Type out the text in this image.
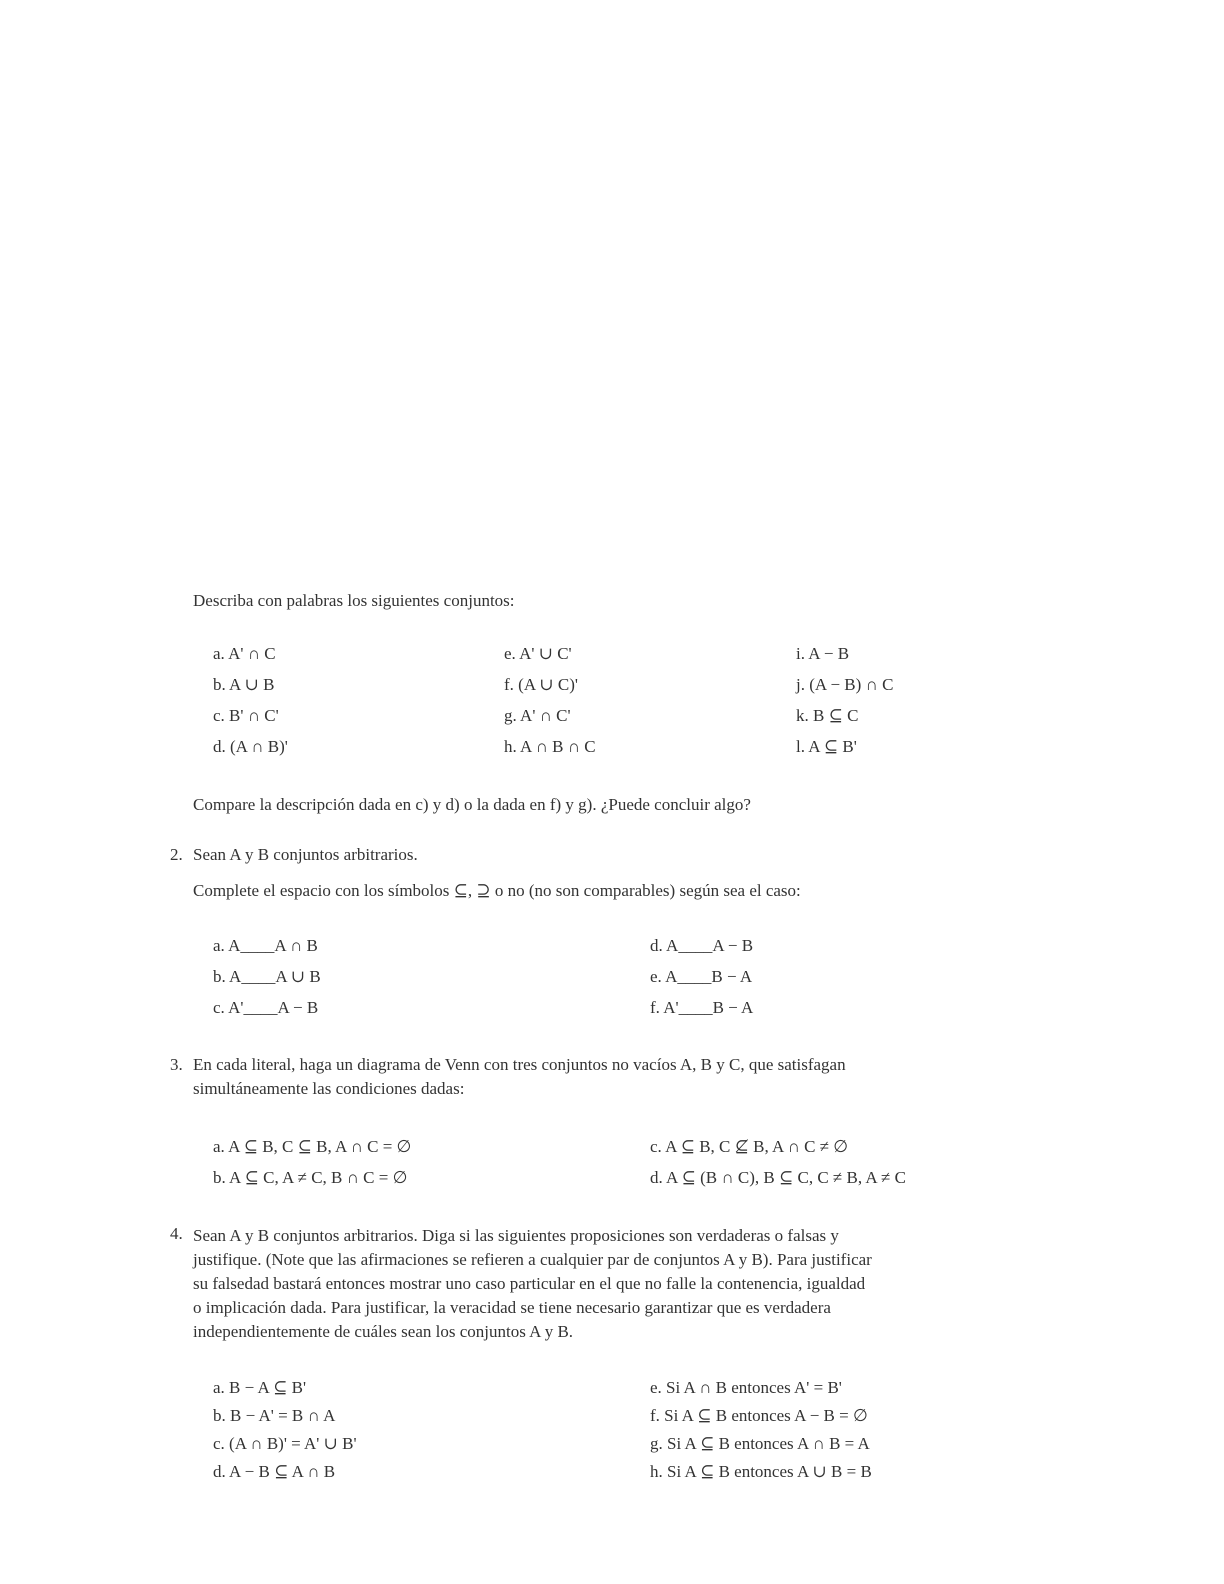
Describa con palabras los siguientes conjuntos:
a. A' ∩ C
b. A ∪ B
c. B' ∩ C'
d. (A ∩ B)'
e. A' ∪ C'
f. (A ∪ C)'
g. A' ∩ C'
h. A ∩ B ∩ C
i. A − B
j. (A − B) ∩ C
k. B ⊆ C
l. A ⊆ B'
Compare la descripción dada en c) y d) o la dada en f) y g). ¿Puede concluir algo?
2. Sean A y B conjuntos arbitrarios.
Complete el espacio con los símbolos ⊆, ⊇ o no (no son comparables) según sea el caso:
a. A____A ∩ B
b. A____A ∪ B
c. A'____A − B
d. A____A − B
e. A____B − A
f. A'____B − A
3. En cada literal, haga un diagrama de Venn con tres conjuntos no vacíos A, B y C, que satisfagan
simultáneamente las condiciones dadas:
a. A ⊆ B, C ⊆ B, A ∩ C = ∅
b. A ⊆ C, A ≠ C, B ∩ C = ∅
c. A ⊆ B, C ⊈ B, A ∩ C ≠ ∅
d. A ⊆ (B ∩ C), B ⊆ C, C ≠ B, A ≠ C
4. Sean A y B conjuntos arbitrarios. Diga si las siguientes proposiciones son verdaderas o falsas y
justifique. (Note que las afirmaciones se refieren a cualquier par de conjuntos A y B). Para justificar
su falsedad bastará entonces mostrar uno caso particular en el que no falle la contenencia, igualdad
o implicación dada. Para justificar, la veracidad se tiene necesario garantizar que es verdadera
independientemente de cuáles sean los conjuntos A y B.
a. B − A ⊆ B'
b. B − A' = B ∩ A
c. (A ∩ B)' = A' ∪ B'
d. A − B ⊆ A ∩ B
e. Si A ∩ B entonces A' = B'
f. Si A ⊆ B entonces A − B = ∅
g. Si A ⊆ B entonces A ∩ B = A
h. Si A ⊆ B entonces A ∪ B = B
